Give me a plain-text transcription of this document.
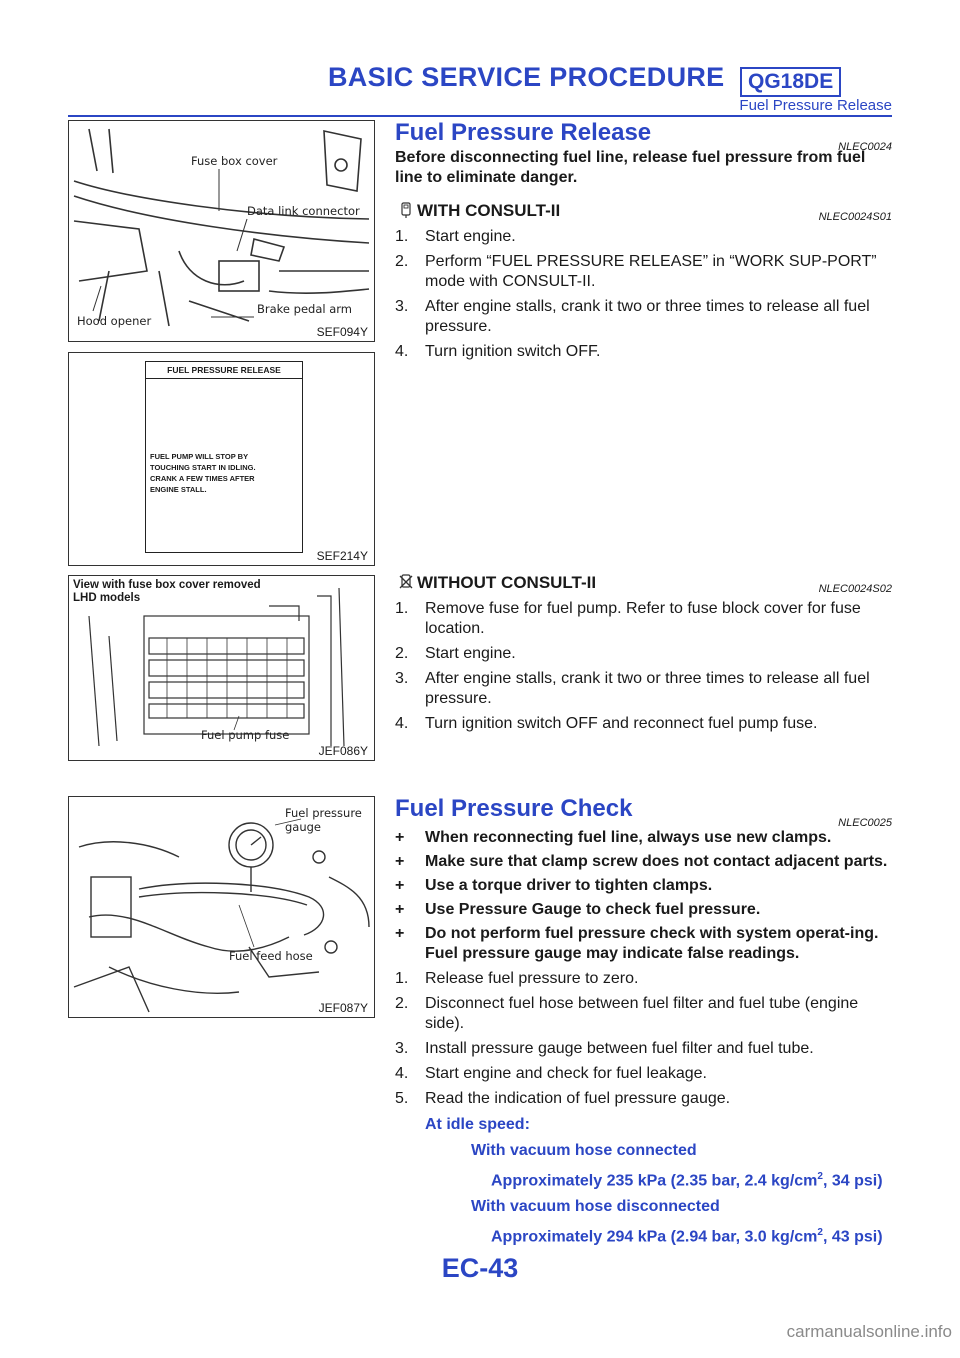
BASIC SERVICE PROCEDURE	QG18DE
Fuel Pressure Release
Fuse box cover
Data link connector
Brake pedal arm
Hood opener
SEF094Y
FUEL PRESSURE RELEASE
FUEL PUMP WILL STOP BY
TOUCHING START IN IDLING.
CRANK A FEW TIMES AFTER
ENGINE STALL.
SEF214Y
View with fuse box cover removed
LHD models
Fuel pump fuse
JEF086Y
Fuel pressure
gauge
Fuel feed hose
JEF087Y
Fuel Pressure Release
NLEC0024
Before disconnecting fuel line, release fuel pressure from fuel line to eliminate danger.
WITH CONSULT-II	NLEC0024S01
1.	Start engine.
2.	Perform “FUEL PRESSURE RELEASE” in “WORK SUP-PORT” mode with CONSULT-II.
3.	After engine stalls, crank it two or three times to release all fuel pressure.
4.	Turn ignition switch OFF.
WITHOUT CONSULT-II	NLEC0024S02
1.	Remove fuse for fuel pump. Refer to fuse block cover for fuse location.
2.	Start engine.
3.	After engine stalls, crank it two or three times to release all fuel pressure.
4.	Turn ignition switch OFF and reconnect fuel pump fuse.
Fuel Pressure Check
NLEC0025
+	When reconnecting fuel line, always use new clamps.
+	Make sure that clamp screw does not contact adjacent parts.
+	Use a torque driver to tighten clamps.
+	Use Pressure Gauge to check fuel pressure.
+	Do not perform fuel pressure check with system operat-ing. Fuel pressure gauge may indicate false readings.
1.	Release fuel pressure to zero.
2.	Disconnect fuel hose between fuel filter and fuel tube (engine side).
3.	Install pressure gauge between fuel filter and fuel tube.
4.	Start engine and check for fuel leakage.
5.	Read the indication of fuel pressure gauge.
At idle speed:
With vacuum hose connected
Approximately 235 kPa (2.35 bar, 2.4 $kg/cm^2$, 34 psi)
With vacuum hose disconnected
Approximately 294 kPa (2.94 bar, 3.0 $kg/cm^2$, 43 psi)
EC-43
carmanualsonline.info
